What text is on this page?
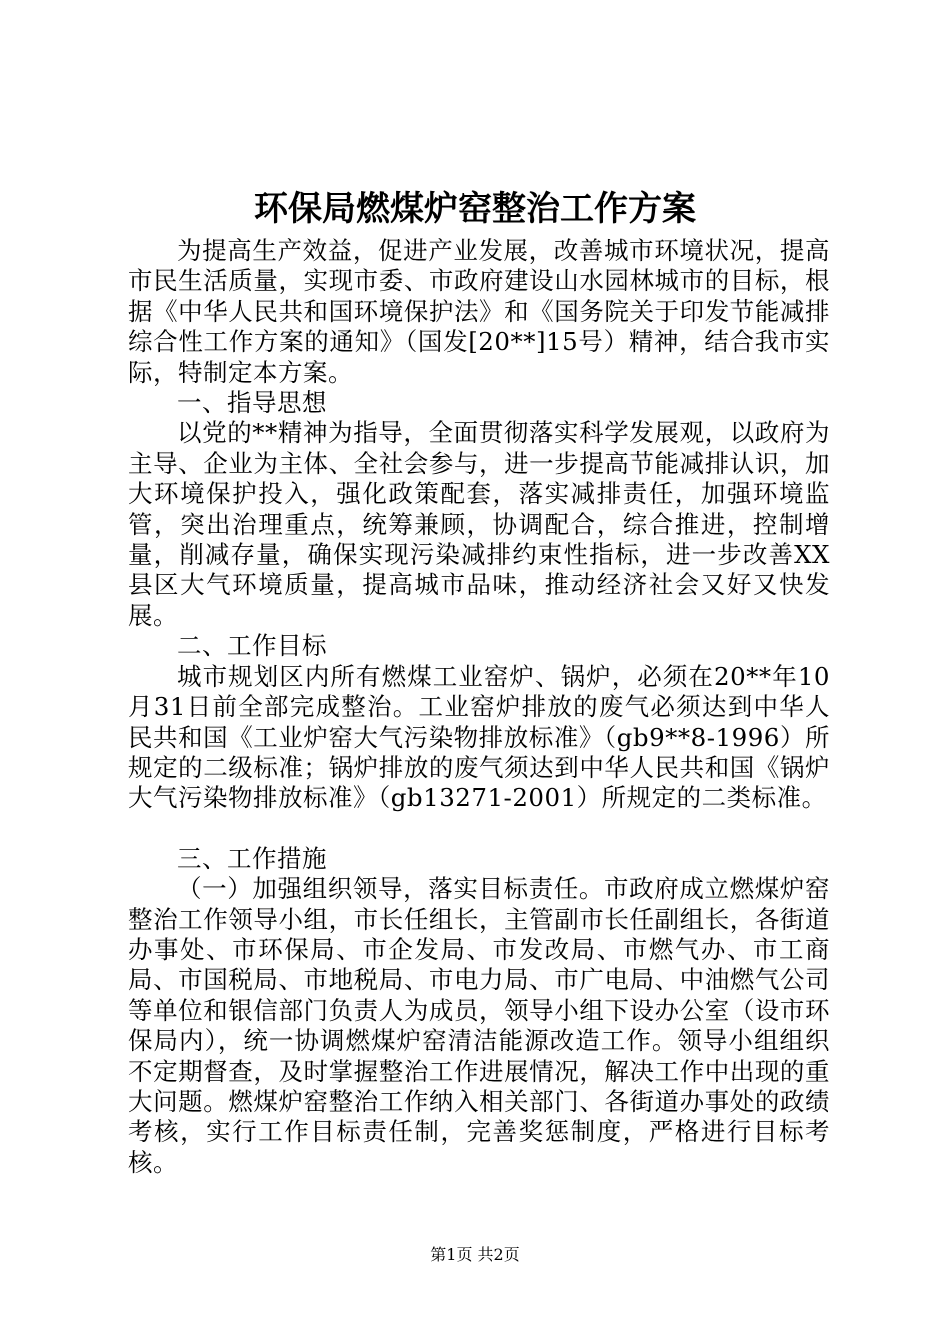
环保局燃煤炉窑整治工作方案

为提高生产效益，促进产业发展，改善城市环境状况，提高市民生活质量，实现市委、市政府建设山水园林城市的目标，根据《中华人民共和国环境保护法》和《国务院关于印发节能减排综合性工作方案的通知》（国发[20**]15号）精神，结合我市实际，特制定本方案。

一、指导思想

以党的**精神为指导，全面贯彻落实科学发展观，以政府为主导、企业为主体、全社会参与，进一步提高节能减排认识，加大环境保护投入，强化政策配套，落实减排责任，加强环境监管，突出治理重点，统筹兼顾，协调配合，综合推进，控制增量，削减存量，确保实现污染减排约束性指标，进一步改善XX县区大气环境质量，提高城市品味，推动经济社会又好又快发展。

二、工作目标

城市规划区内所有燃煤工业窑炉、锅炉，必须在20**年10月31日前全部完成整治。工业窑炉排放的废气必须达到中华人民共和国《工业炉窑大气污染物排放标准》（gb9**8-1996）所规定的二级标准；锅炉排放的废气须达到中华人民共和国《锅炉大气污染物排放标准》（gb13271-2001）所规定的二类标准。

三、工作措施

（一）加强组织领导，落实目标责任。市政府成立燃煤炉窑整治工作领导小组，市长任组长，主管副市长任副组长，各街道办事处、市环保局、市企发局、市发改局、市燃气办、市工商局、市国税局、市地税局、市电力局、市广电局、中油燃气公司等单位和银信部门负责人为成员，领导小组下设办公室（设市环保局内），统一协调燃煤炉窑清洁能源改造工作。领导小组组织不定期督查，及时掌握整治工作进展情况，解决工作中出现的重大问题。燃煤炉窑整治工作纳入相关部门、各街道办事处的政绩考核，实行工作目标责任制，完善奖惩制度，严格进行目标考核。

第1页 共2页
